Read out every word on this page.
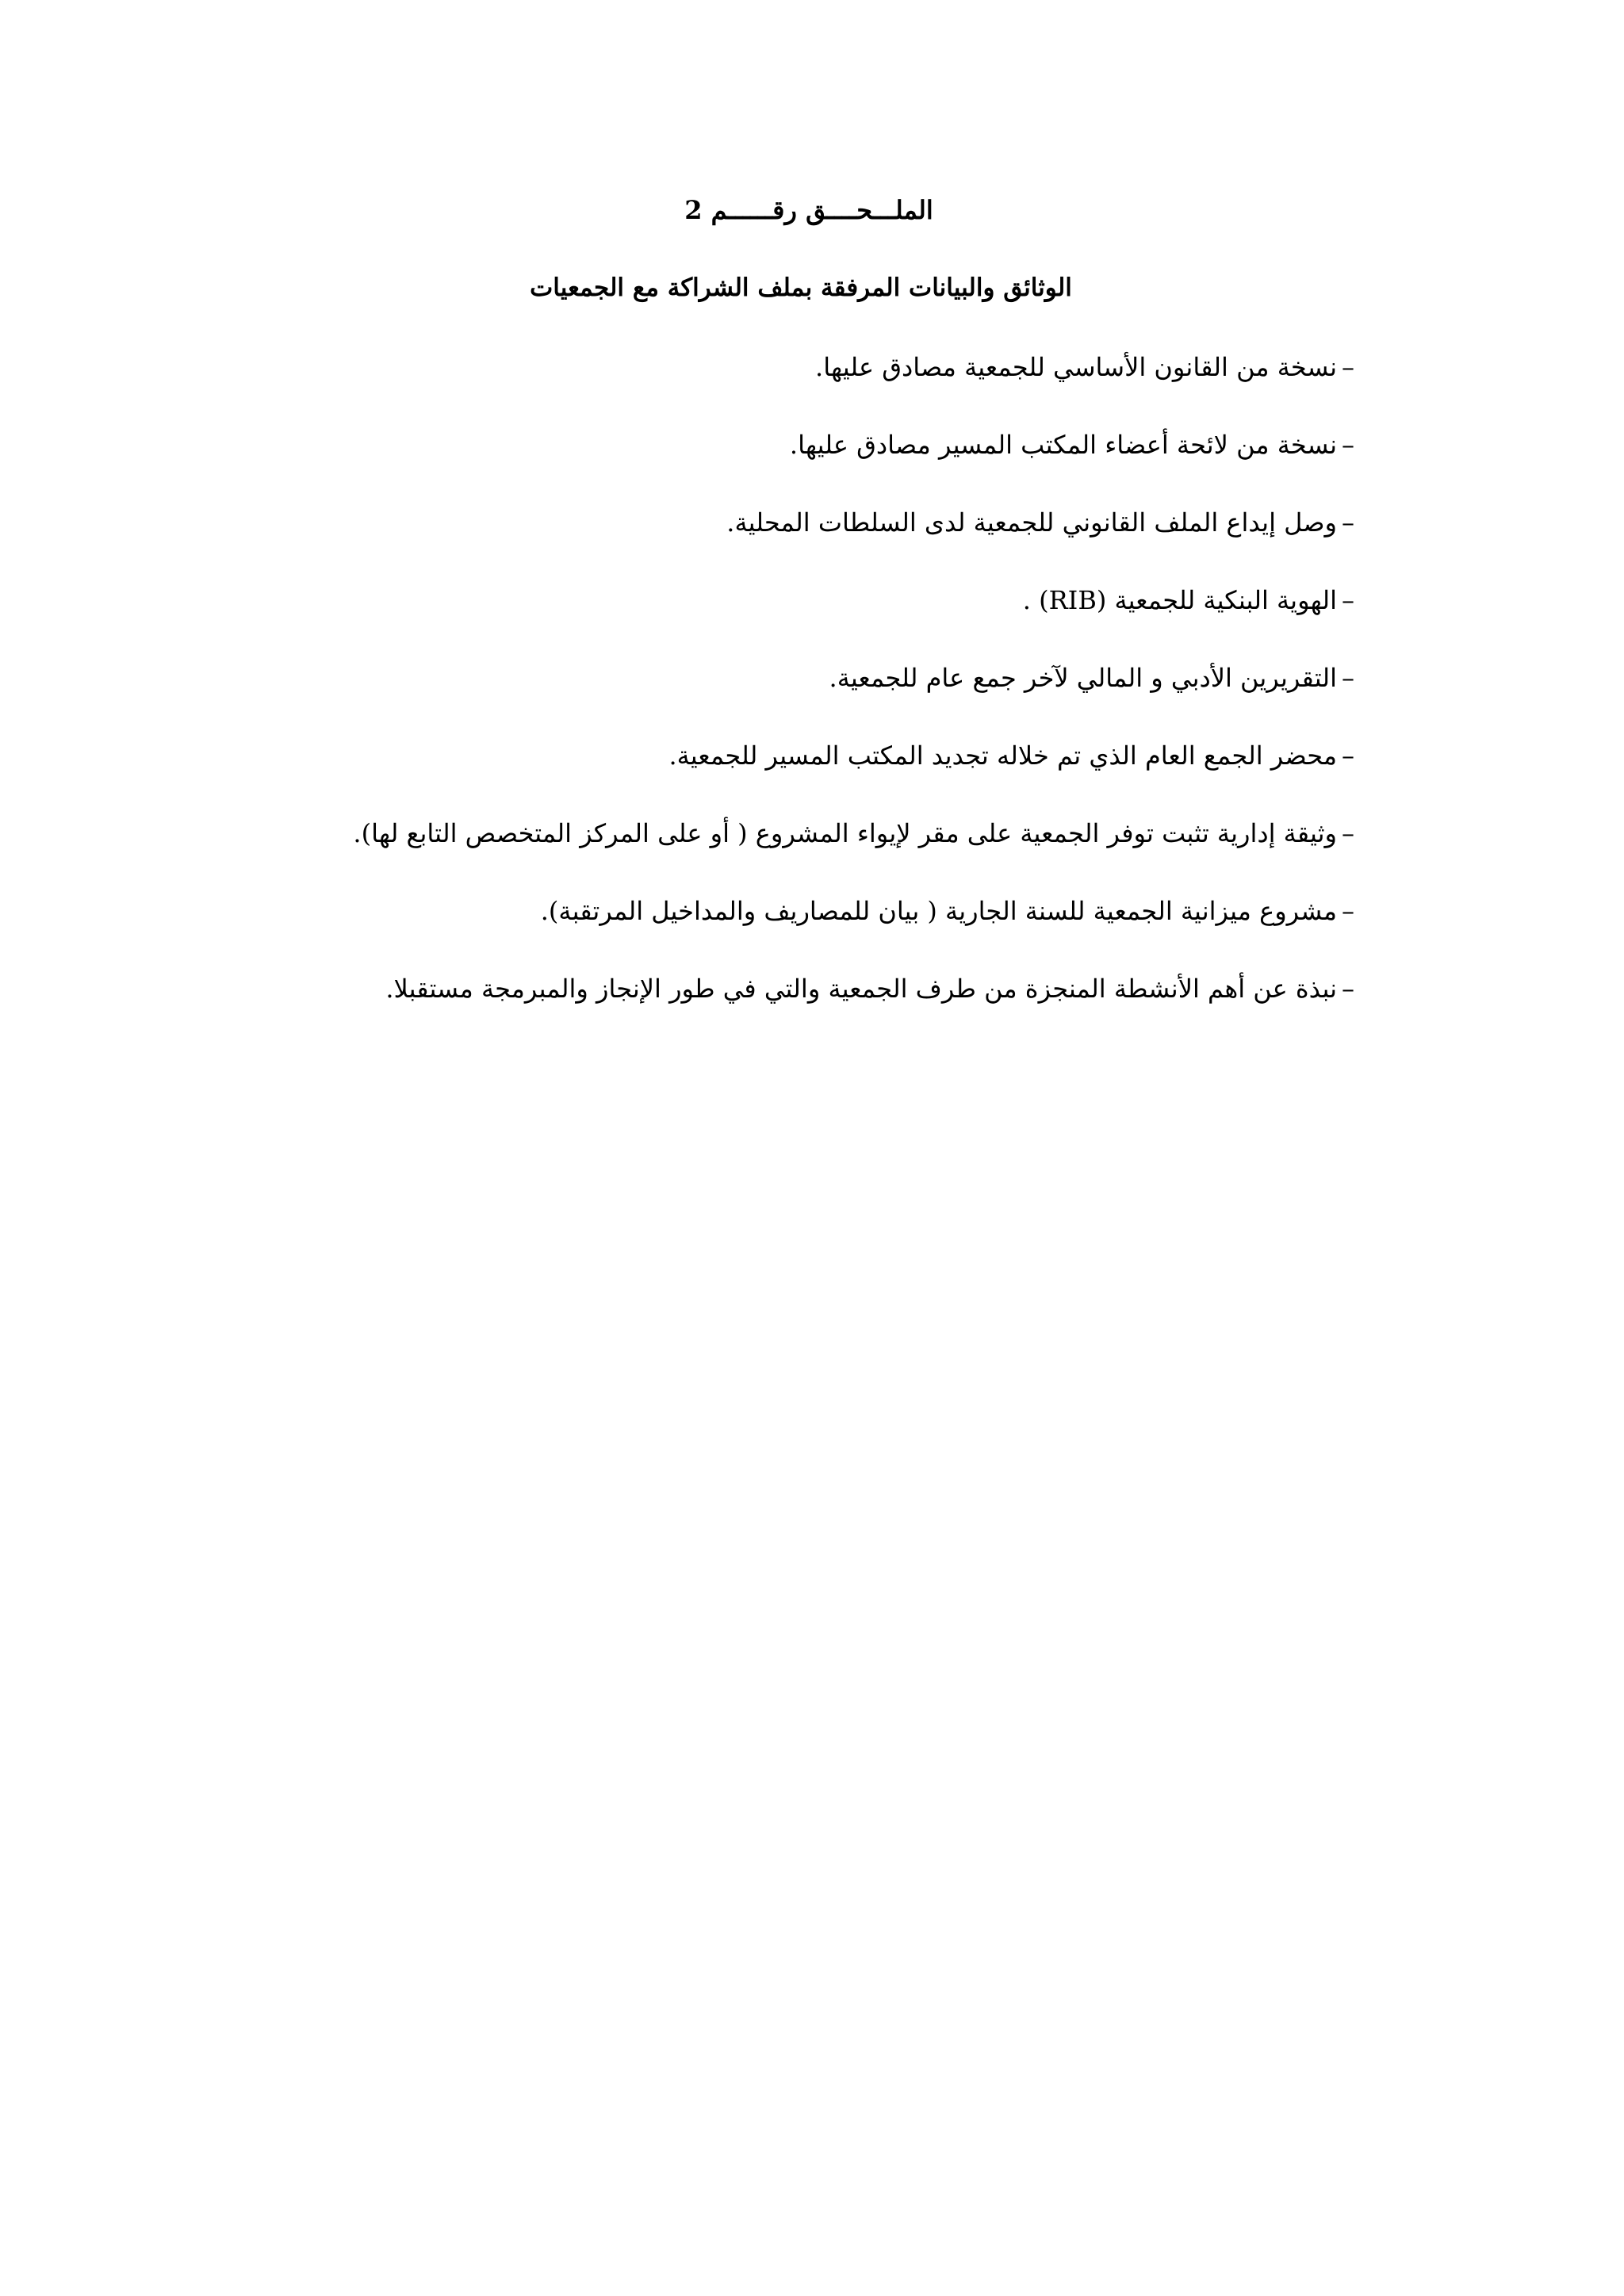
الملـــحــــق رقــــــم 2
الوثائق والبيانات المرفقة بملف الشراكة مع الجمعيات
–
نسخة من القانون الأساسي للجمعية مصادق عليها.
–
نسخة من لائحة أعضاء المكتب المسير مصادق عليها.
–
وصل إيداع الملف القانوني للجمعية لدى السلطات المحلية.
–
الهوية البنكية للجمعية (RIB) .
–
التقريرين الأدبي و المالي لآخر جمع عام للجمعية.
–
محضر الجمع العام الذي تم خلاله تجديد المكتب المسير للجمعية.
–
وثيقة إدارية تثبت توفر الجمعية على مقر لإيواء المشروع ( أو على المركز المتخصص التابع لها).
–
مشروع ميزانية الجمعية للسنة الجارية ( بيان للمصاريف والمداخيل المرتقبة).
–
نبذة عن أهم الأنشطة المنجزة من طرف الجمعية والتي في طور الإنجاز والمبرمجة مستقبلا.
